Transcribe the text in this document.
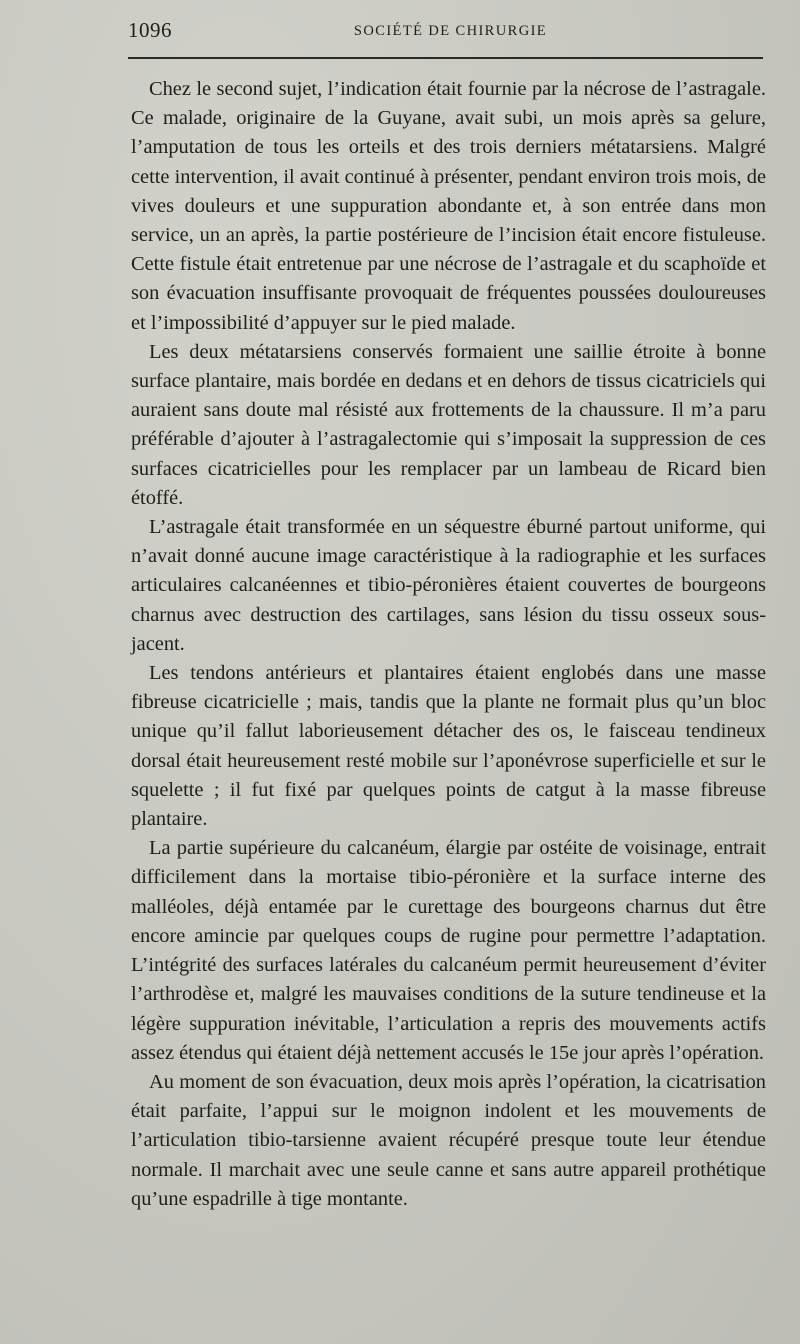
1096	SOCIÉTÉ DE CHIRURGIE

Chez le second sujet, l’indication était fournie par la nécrose de l’astragale. Ce malade, originaire de la Guyane, avait subi, un mois après sa gelure, l’amputation de tous les orteils et des trois derniers métatarsiens. Malgré cette intervention, il avait continué à présenter, pendant environ trois mois, de vives douleurs et une suppuration abondante et, à son entrée dans mon service, un an après, la partie postérieure de l’incision était encore fistuleuse. Cette fistule était entretenue par une nécrose de l’astragale et du scaphoïde et son évacuation insuffisante provoquait de fréquentes poussées douloureuses et l’impossibilité d’appuyer sur le pied malade.

Les deux métatarsiens conservés formaient une saillie étroite à bonne surface plantaire, mais bordée en dedans et en dehors de tissus cicatriciels qui auraient sans doute mal résisté aux frottements de la chaussure. Il m’a paru préférable d’ajouter à l’astragalectomie qui s’imposait la suppression de ces surfaces cicatricielles pour les remplacer par un lambeau de Ricard bien étoffé.

L’astragale était transformée en un séquestre éburné partout uniforme, qui n’avait donné aucune image caractéristique à la radiographie et les surfaces articulaires calcanéennes et tibio-péronières étaient couvertes de bourgeons charnus avec destruction des cartilages, sans lésion du tissu osseux sous-jacent.

Les tendons antérieurs et plantaires étaient englobés dans une masse fibreuse cicatricielle ; mais, tandis que la plante ne formait plus qu’un bloc unique qu’il fallut laborieusement détacher des os, le faisceau tendineux dorsal était heureusement resté mobile sur l’aponévrose superficielle et sur le squelette ; il fut fixé par quelques points de catgut à la masse fibreuse plantaire.

La partie supérieure du calcanéum, élargie par ostéite de voisinage, entrait difficilement dans la mortaise tibio-péronière et la surface interne des malléoles, déjà entamée par le curettage des bourgeons charnus dut être encore amincie par quelques coups de rugine pour permettre l’adaptation. L’intégrité des surfaces latérales du calcanéum permit heureusement d’éviter l’arthrodèse et, malgré les mauvaises conditions de la suture tendineuse et la légère suppuration inévitable, l’articulation a repris des mouvements actifs assez étendus qui étaient déjà nettement accusés le 15e jour après l’opération.

Au moment de son évacuation, deux mois après l’opération, la cicatrisation était parfaite, l’appui sur le moignon indolent et les mouvements de l’articulation tibio-tarsienne avaient récupéré presque toute leur étendue normale. Il marchait avec une seule canne et sans autre appareil prothétique qu’une espadrille à tige montante.
